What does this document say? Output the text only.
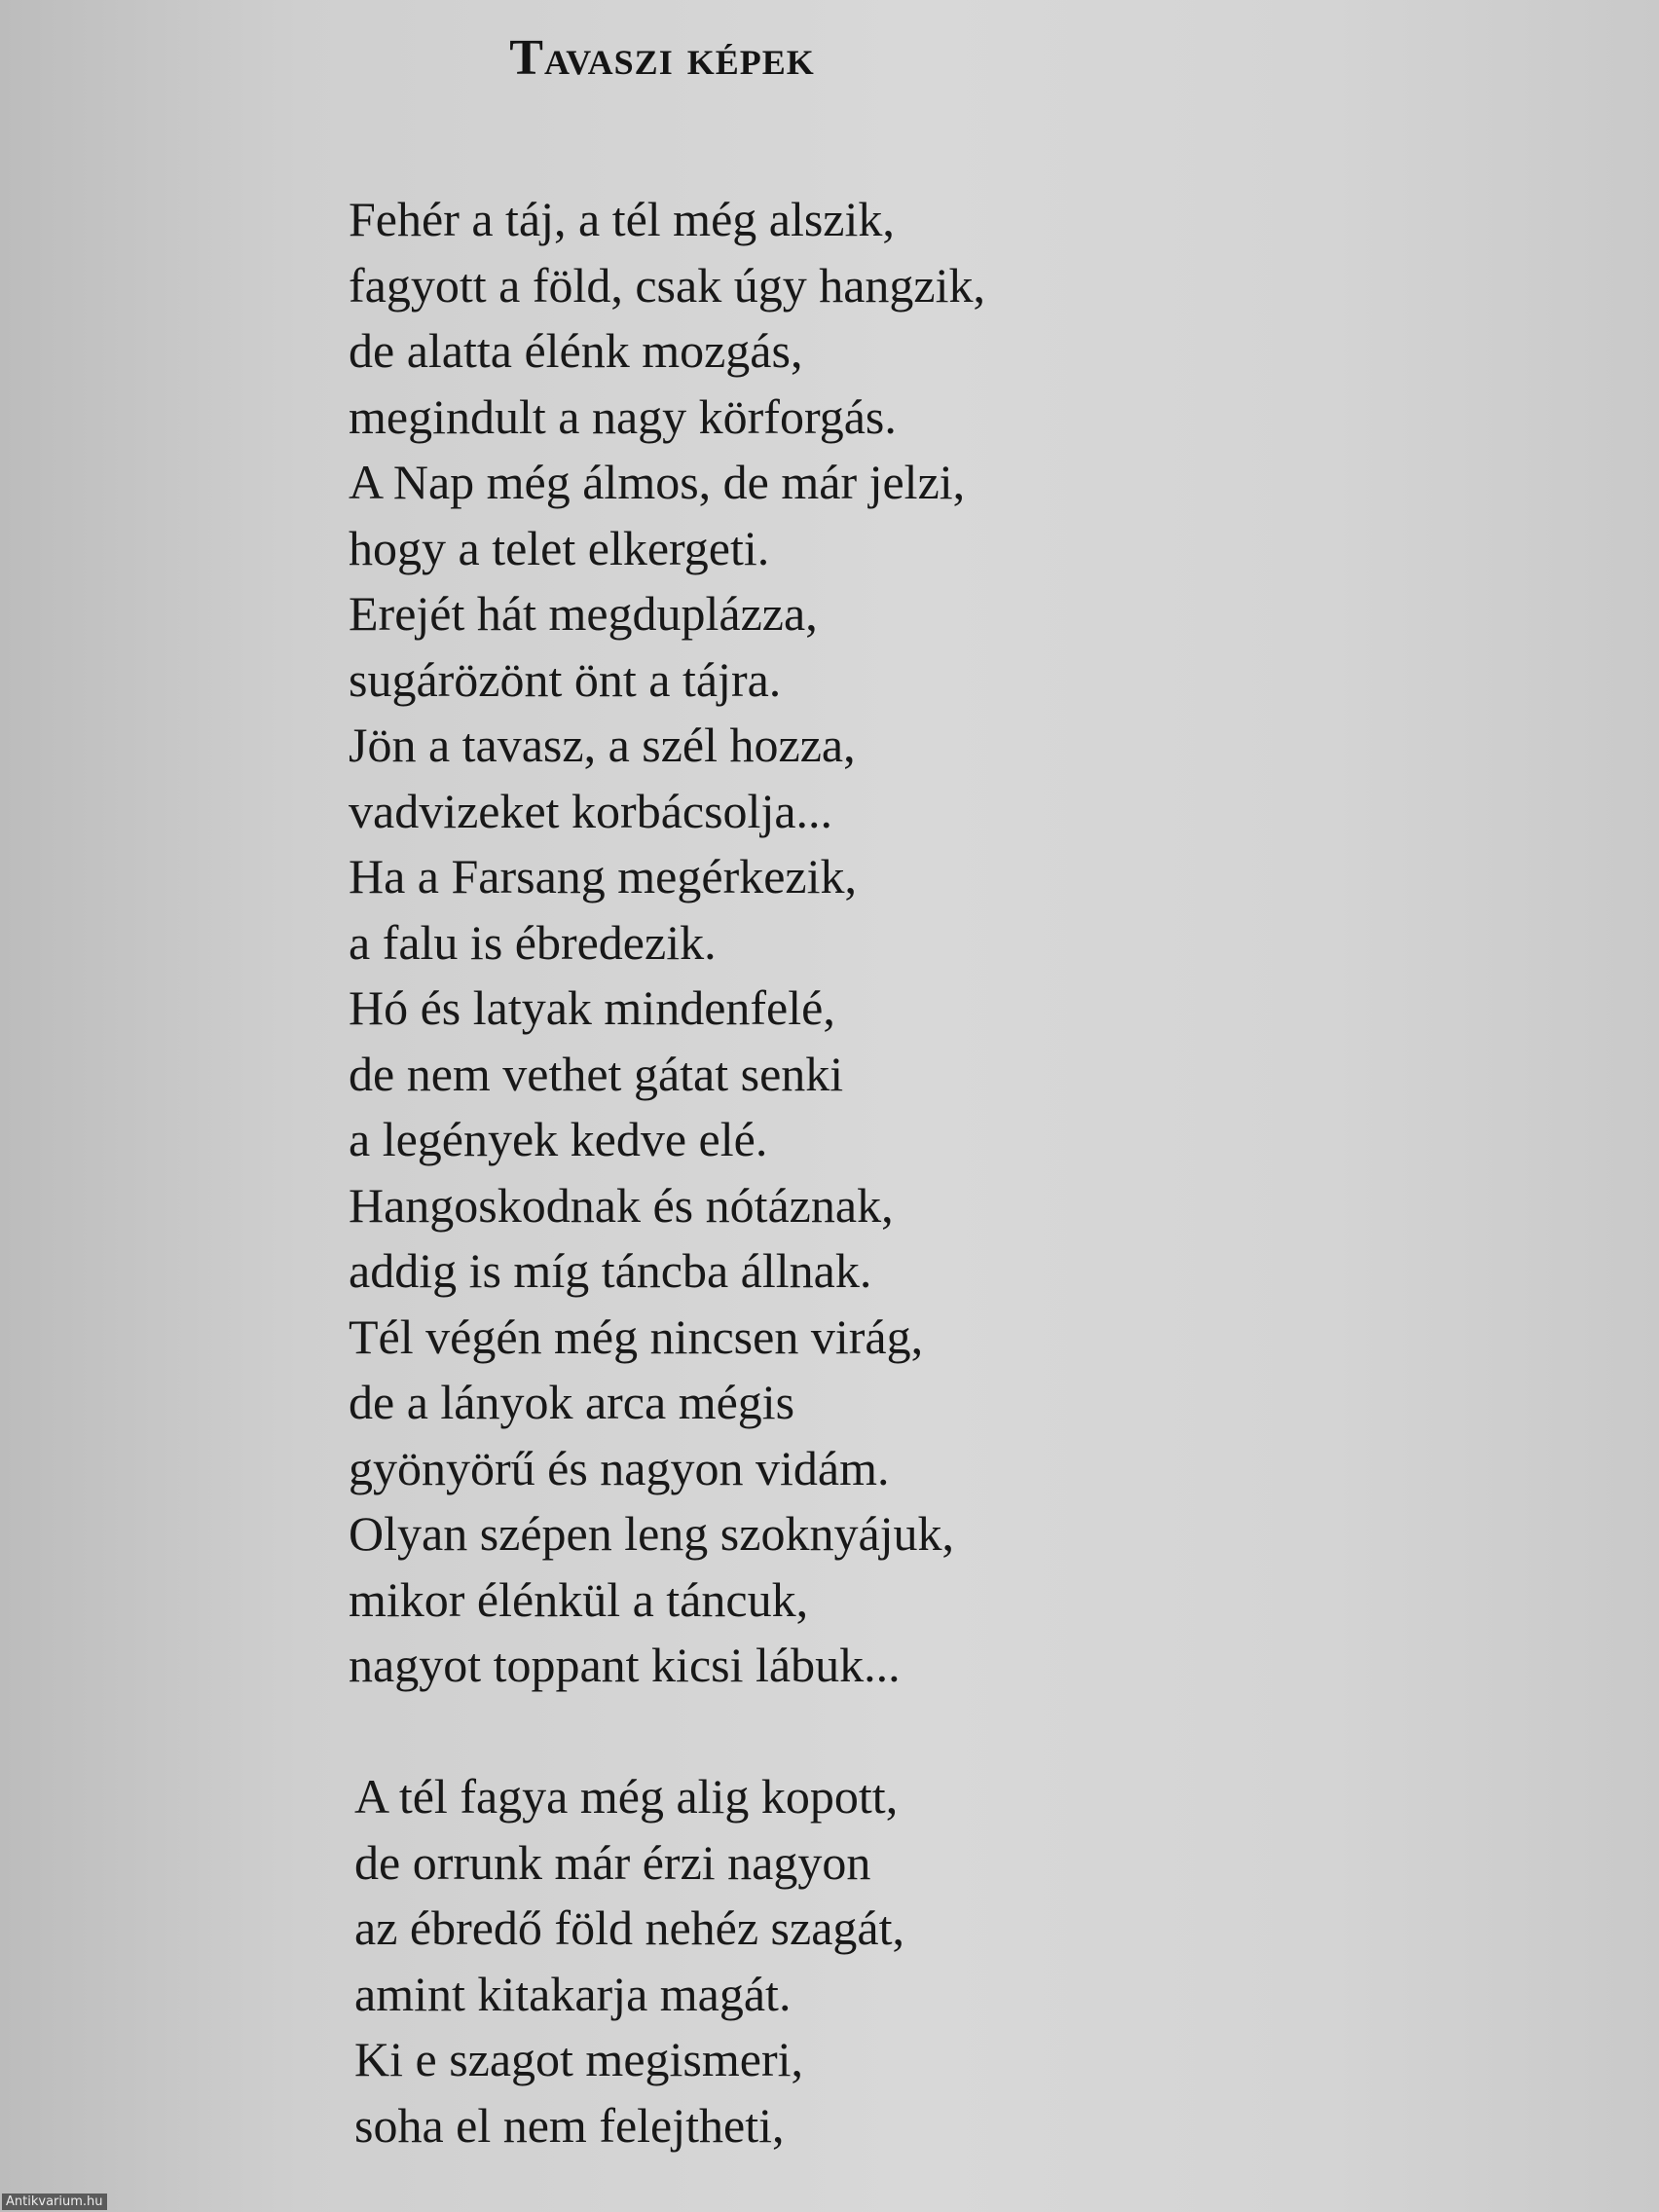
Tavaszi képek
Fehér a táj, a tél még alszik,
fagyott a föld, csak úgy hangzik,
de alatta élénk mozgás,
megindult a nagy körforgás.
A Nap még álmos, de már jelzi,
hogy a telet elkergeti.
Erejét hát megduplázza,
sugárözönt önt a tájra.
Jön a tavasz, a szél hozza,
vadvizeket korbácsolja...
Ha a Farsang megérkezik,
a falu is ébredezik.
Hó és latyak mindenfelé,
de nem vethet gátat senki
a legények kedve elé.
Hangoskodnak és nótáznak,
addig is míg táncba állnak.
Tél végén még nincsen virág,
de a lányok arca mégis
gyönyörű és nagyon vidám.
Olyan szépen leng szoknyájuk,
mikor élénkül a táncuk,
nagyot toppant kicsi lábuk...
A tél fagya még alig kopott,
de orrunk már érzi nagyon
az ébredő föld nehéz szagát,
amint kitakarja magát.
Ki e szagot megismeri,
soha el nem felejtheti,
Antikvarium.hu
